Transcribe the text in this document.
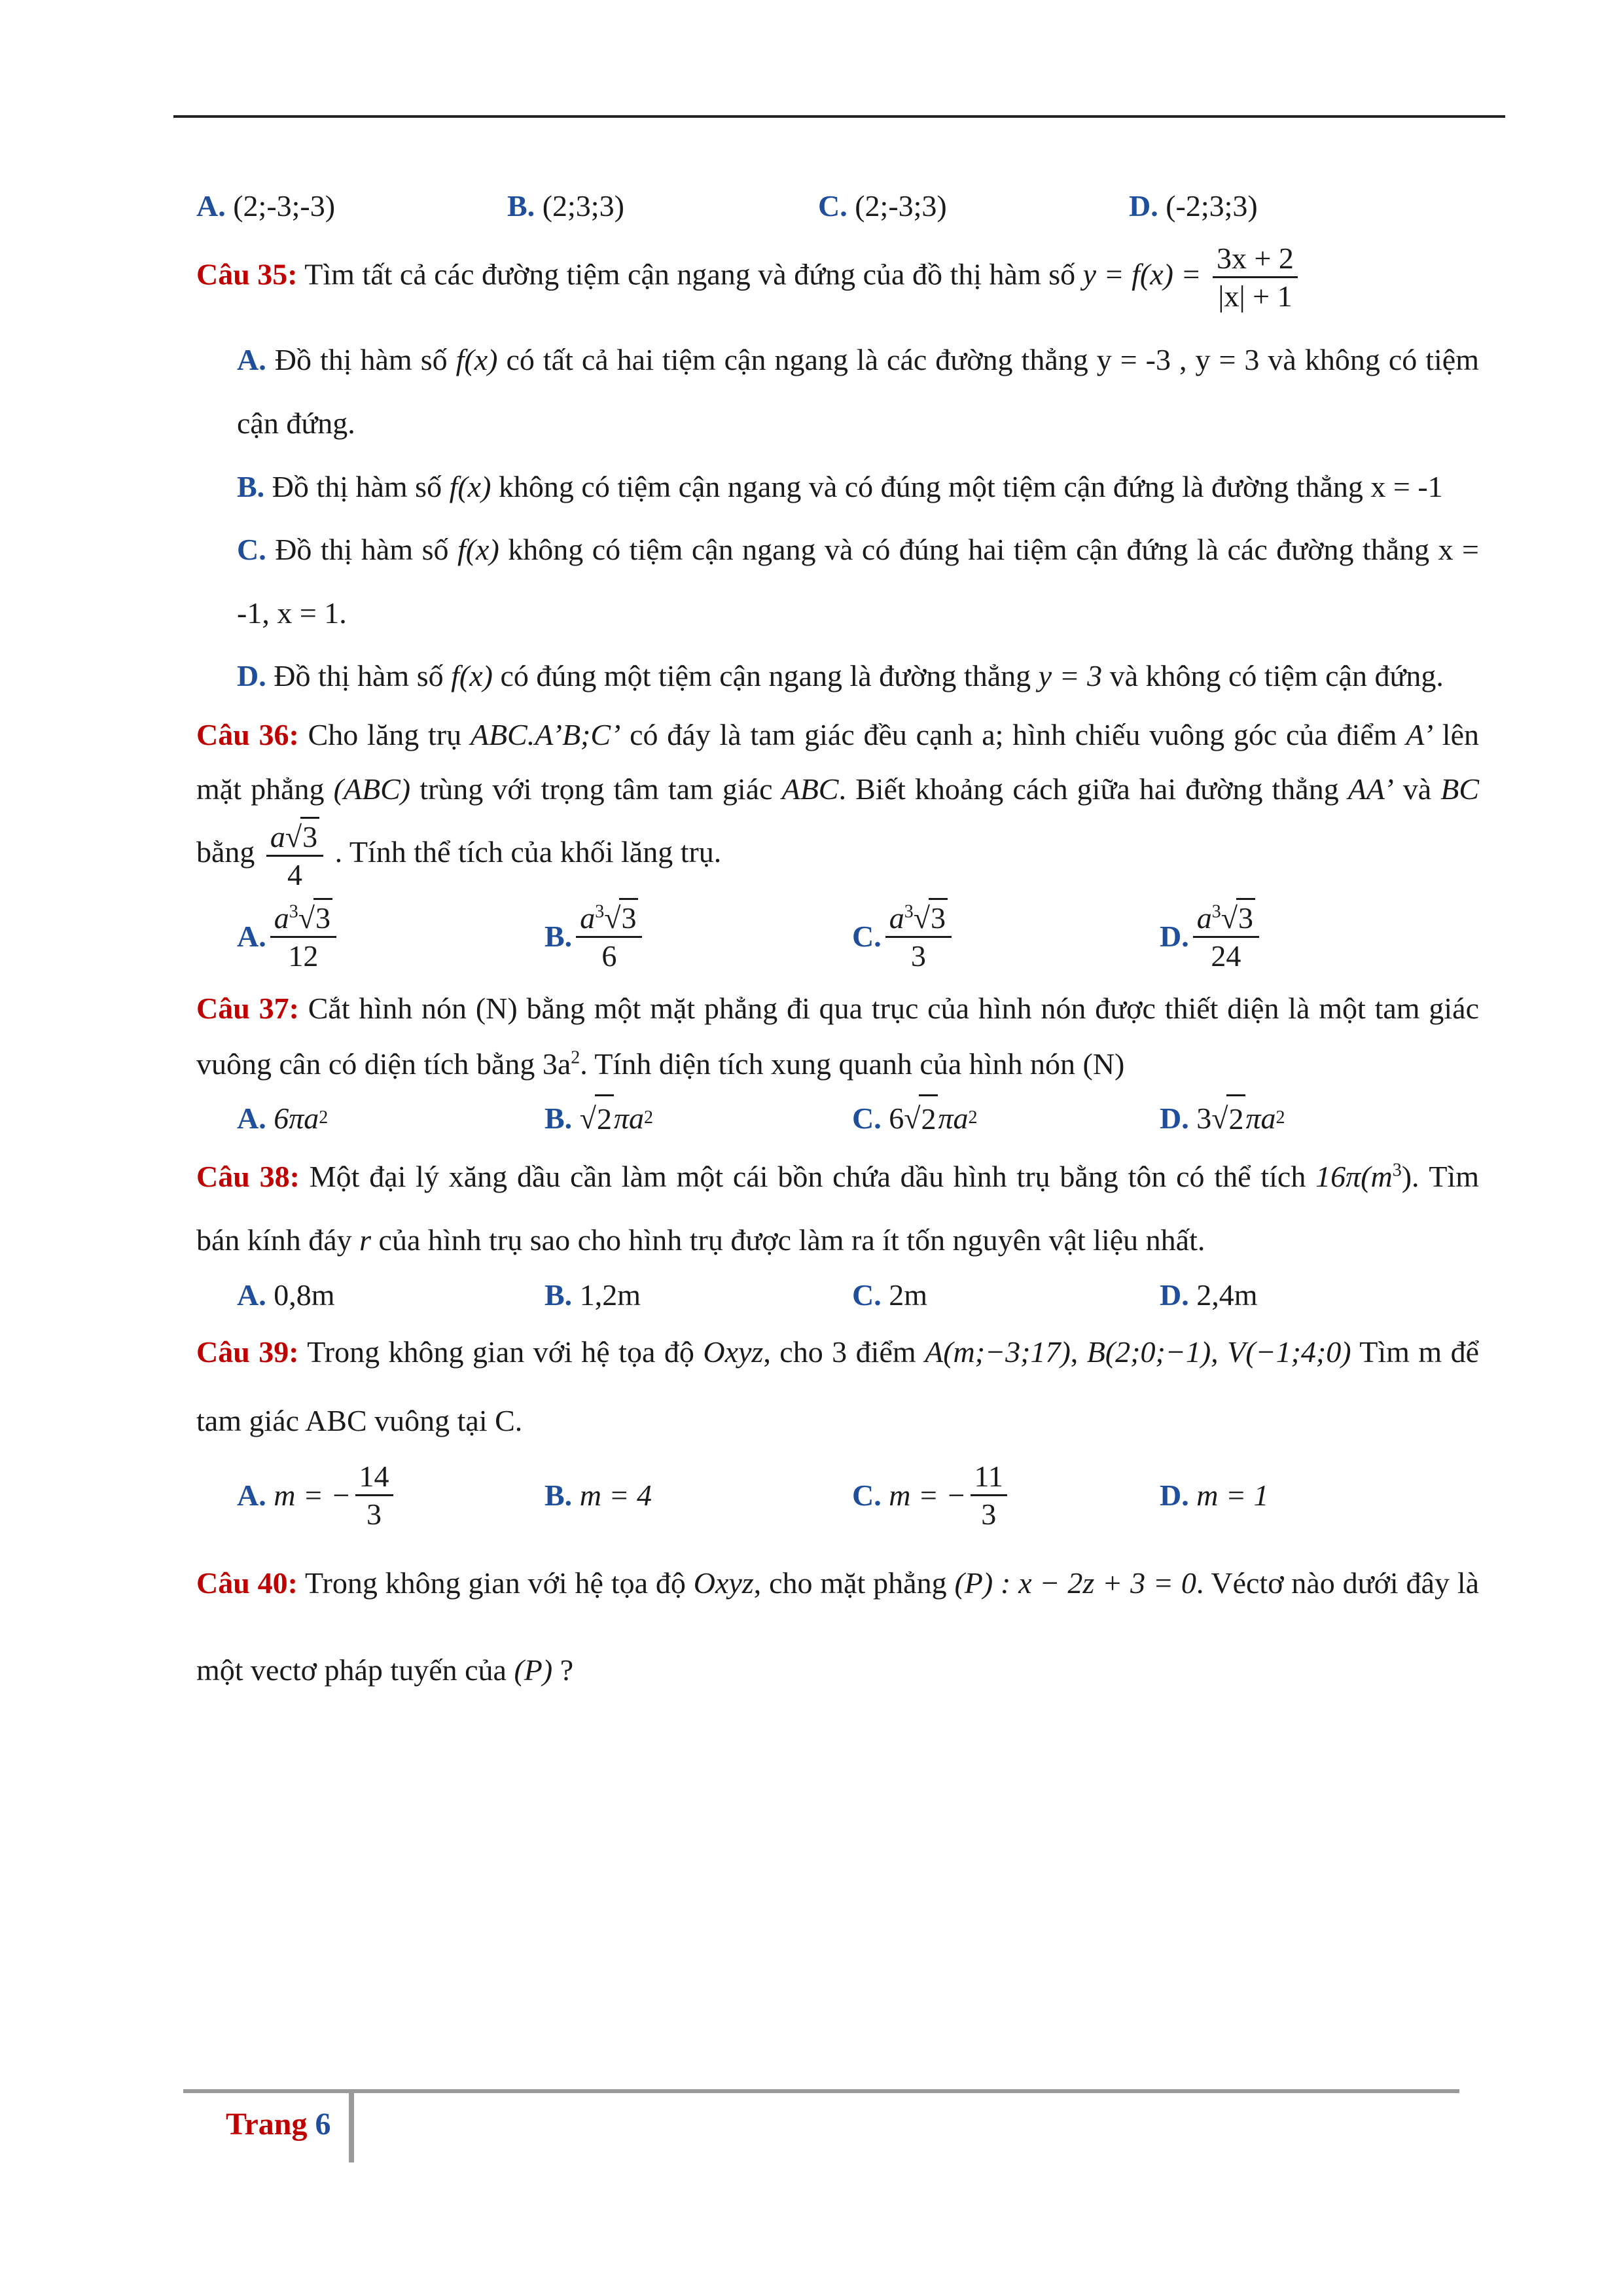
A.
(2;-3;-3)	B.
(2;3;3)	C.
(2;-3;3)	D.
(-2;3;3)
Câu 35: Tìm tất cả các đường tiệm cận ngang và đứng của đồ thị hàm số $y = f(x) = \frac{3x + 2}{|x| + 1}$
A. Đồ thị hàm số f(x) có tất cả hai tiệm cận ngang là các đường thẳng y = -3 , y = 3 và không có tiệm cận đứng.
B. Đồ thị hàm số f(x) không có tiệm cận ngang và có đúng một tiệm cận đứng là đường thẳng x = -1
C. Đồ thị hàm số f(x) không có tiệm cận ngang và có đúng hai tiệm cận đứng là các đường thẳng x = -1, x = 1.
D. Đồ thị hàm số f(x) có đúng một tiệm cận ngang là đường thẳng y = 3 và không có tiệm cận đứng.
Câu 36: Cho lăng trụ ABC.A’B;C’ có đáy là tam giác đều cạnh a; hình chiếu vuông góc của điểm A’ lên mặt phẳng (ABC) trùng với trọng tâm tam giác ABC. Biết khoảng cách giữa hai đường thẳng AA’ và BC bằng $\frac{a√3}{4}$ . Tính thể tích của khối lăng trụ.
A. $\frac{a^3√3}{12}$	B. $\frac{a^3√3}{6}$	C. $\frac{a^3√3}{3}$	D. $\frac{a^3√3}{24}$
Câu 37: Cắt hình nón (N) bằng một mặt phẳng đi qua trục của hình nón được thiết diện là một tam giác vuông cân có diện tích bằng $3a^2$. Tính diện tích xung quanh của hình nón (N)
A.
6πa 2	B. √ 2 πa 2	C.
6 √ 2 πa 2	D.
3 √ 2 πa 2
Câu 38: Một đại lý xăng dầu cần làm một cái bồn chứa dầu hình trụ bằng tôn có thể tích $16\pi(m^3)$. Tìm bán kính đáy r của hình trụ sao cho hình trụ được làm ra ít tốn nguyên vật liệu nhất.
A.
0,8m	B.
1,2m	C.
2m	D.
2,4m
Câu 39: Trong không gian với hệ tọa độ Oxyz, cho 3 điểm A(m;−3;17), B(2;0;−1), V(−1;4;0) Tìm m để tam giác ABC vuông tại C.
A.
m = − $\frac{14}{3}$	B.
m = 4	C.
m = − $\frac{11}{3}$	D.
m = 1
Câu 40: Trong không gian với hệ tọa độ Oxyz, cho mặt phẳng (P) : x − 2z + 3 = 0. Véctơ nào dưới đây là một vectơ pháp tuyến của (P) ?
Trang 6
